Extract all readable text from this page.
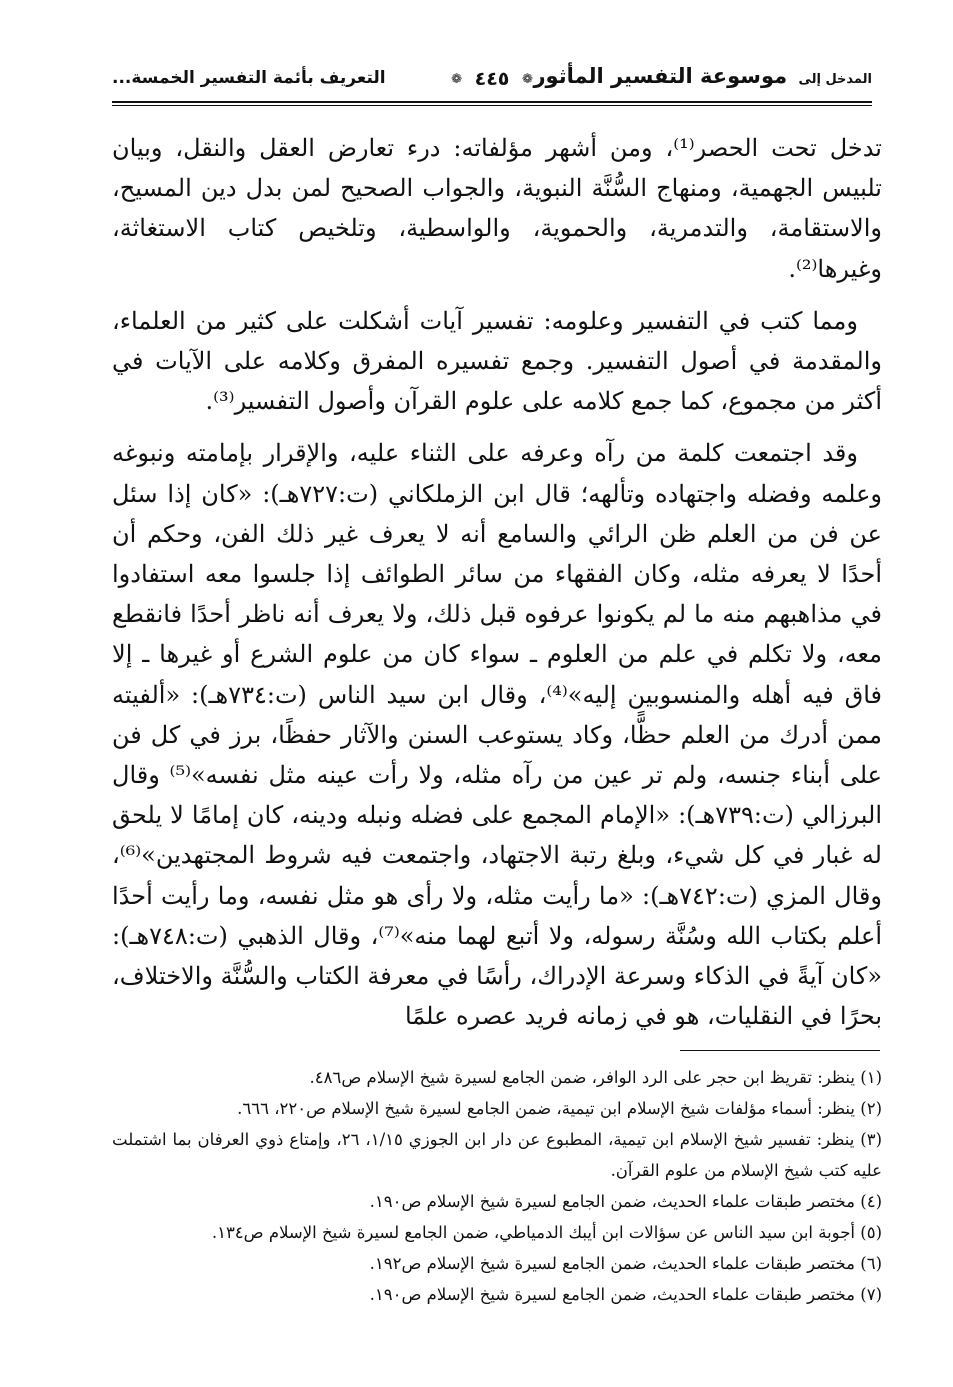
المدخل إلى موسوعة التفسير المأثور
❁ ٤٤٥ ❁
التعريف بأئمة التفسير الخمسة...

تدخل تحت الحصر⁽¹⁾، ومن أشهر مؤلفاته: درء تعارض العقل والنقل، وبيان تلبيس الجهمية، ومنهاج السُّنَّة النبوية، والجواب الصحيح لمن بدل دين المسيح، والاستقامة، والتدمرية، والحموية، والواسطية، وتلخيص كتاب الاستغاثة، وغيرها⁽²⁾.

ومما كتب في التفسير وعلومه: تفسير آيات أشكلت على كثير من العلماء، والمقدمة في أصول التفسير. وجمع تفسيره المفرق وكلامه على الآيات في أكثر من مجموع، كما جمع كلامه على علوم القرآن وأصول التفسير⁽³⁾.

وقد اجتمعت كلمة من رآه وعرفه على الثناء عليه، والإقرار بإمامته ونبوغه وعلمه وفضله واجتهاده وتألهه؛ قال ابن الزملكاني (ت:٧٢٧هـ): «كان إذا سئل عن فن من العلم ظن الرائي والسامع أنه لا يعرف غير ذلك الفن، وحكم أن أحدًا لا يعرفه مثله، وكان الفقهاء من سائر الطوائف إذا جلسوا معه استفادوا في مذاهبهم منه ما لم يكونوا عرفوه قبل ذلك، ولا يعرف أنه ناظر أحدًا فانقطع معه، ولا تكلم في علم من العلوم ـ سواء كان من علوم الشرع أو غيرها ـ إلا فاق فيه أهله والمنسوبين إليه»⁽⁴⁾، وقال ابن سيد الناس (ت:٧٣٤هـ): «ألفيته ممن أدرك من العلم حظًّا، وكاد يستوعب السنن والآثار حفظًا، برز في كل فن على أبناء جنسه، ولم تر عين من رآه مثله، ولا رأت عينه مثل نفسه»⁽⁵⁾ وقال البرزالي (ت:٧٣٩هـ): «الإمام المجمع على فضله ونبله ودينه، كان إمامًا لا يلحق له غبار في كل شيء، وبلغ رتبة الاجتهاد، واجتمعت فيه شروط المجتهدين»⁽⁶⁾، وقال المزي (ت:٧٤٢هـ): «ما رأيت مثله، ولا رأى هو مثل نفسه، وما رأيت أحدًا أعلم بكتاب الله وسُنَّة رسوله، ولا أتبع لهما منه»⁽⁷⁾، وقال الذهبي (ت:٧٤٨هـ): «كان آيةً في الذكاء وسرعة الإدراك، رأسًا في معرفة الكتاب والسُّنَّة والاختلاف، بحرًا في النقليات، هو في زمانه فريد عصره علمًا

(١) ينظر: تقريظ ابن حجر على الرد الوافر، ضمن الجامع لسيرة شيخ الإسلام ص٤٨٦.

(٢) ينظر: أسماء مؤلفات شيخ الإسلام ابن تيمية، ضمن الجامع لسيرة شيخ الإسلام ص٢٢٠، ٦٦٦.

(٣) ينظر: تفسير شيخ الإسلام ابن تيمية، المطبوع عن دار ابن الجوزي ١/١٥، ٢٦، وإمتاع ذوي العرفان بما اشتملت عليه كتب شيخ الإسلام من علوم القرآن.

(٤) مختصر طبقات علماء الحديث، ضمن الجامع لسيرة شيخ الإسلام ص١٩٠.

(٥) أجوبة ابن سيد الناس عن سؤالات ابن أيبك الدمياطي، ضمن الجامع لسيرة شيخ الإسلام ص١٣٤.

(٦) مختصر طبقات علماء الحديث، ضمن الجامع لسيرة شيخ الإسلام ص١٩٢.

(٧) مختصر طبقات علماء الحديث، ضمن الجامع لسيرة شيخ الإسلام ص١٩٠.
